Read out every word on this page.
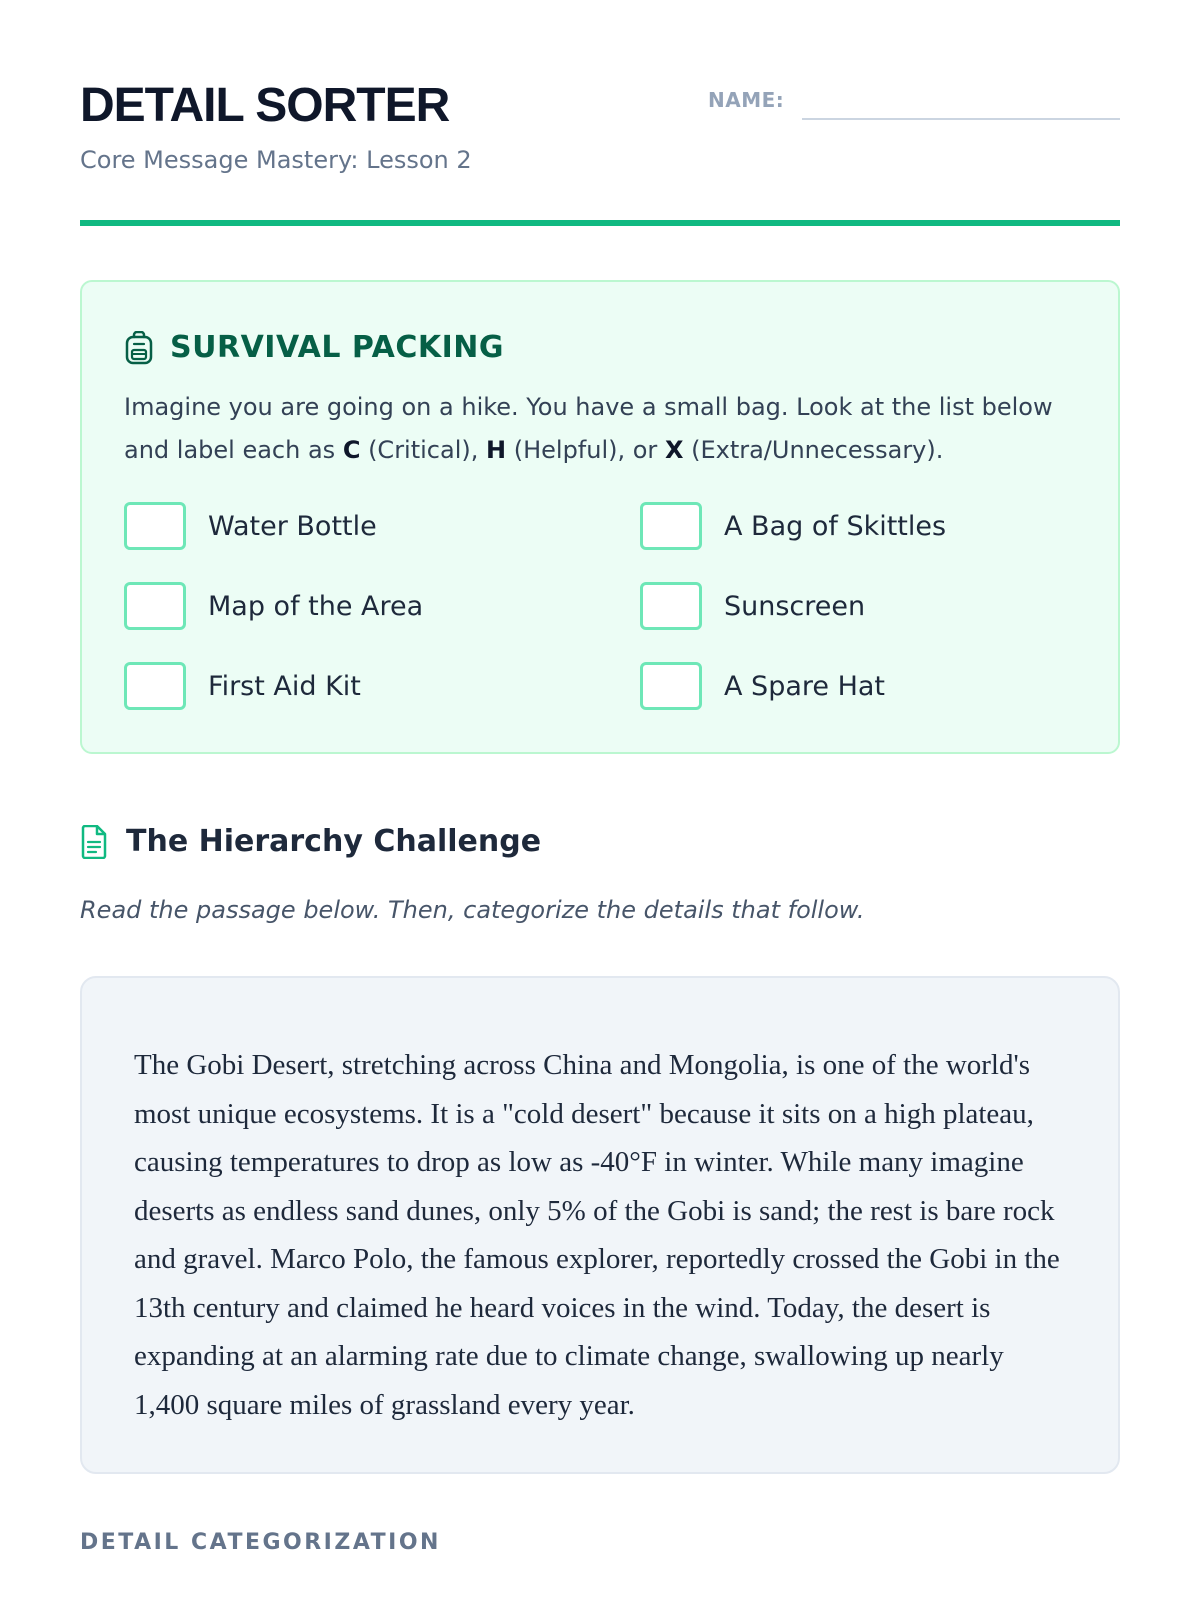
DETAIL SORTER
Core Message Mastery: Lesson 2
NAME:
SURVIVAL PACKING
Imagine you are going on a hike. You have a small bag. Look at the list below and label each as C (Critical), H (Helpful), or X (Extra/Unnecessary).
Water Bottle	A Bag of Skittles
Map of the Area	Sunscreen
First Aid Kit	A Spare Hat
The Hierarchy Challenge
Read the passage below. Then, categorize the details that follow.

The Gobi Desert, stretching across China and Mongolia, is one of the world's most unique ecosystems. It is a "cold desert" because it sits on a high plateau, causing temperatures to drop as low as -40°F in winter. While many imagine deserts as endless sand dunes, only 5% of the Gobi is sand; the rest is bare rock and gravel. Marco Polo, the famous explorer, reportedly crossed the Gobi in the 13th century and claimed he heard voices in the wind. Today, the desert is expanding at an alarming rate due to climate change, swallowing up nearly 1,400 square miles of grassland every year.

DETAIL CATEGORIZATION
